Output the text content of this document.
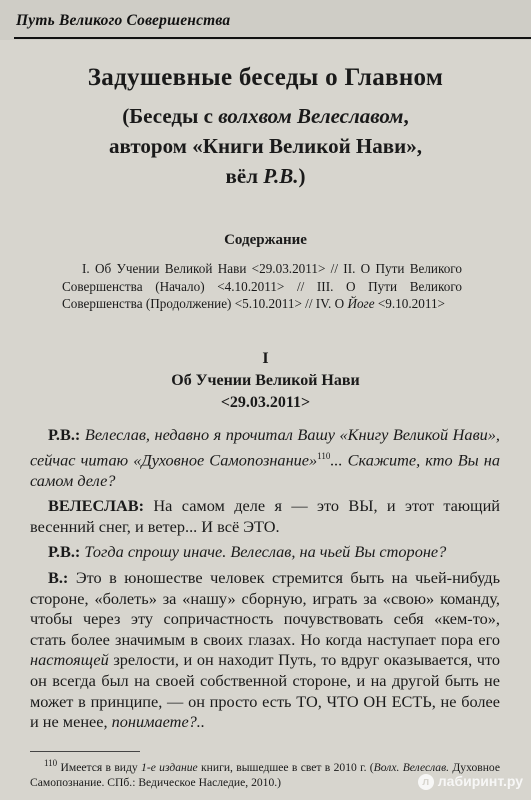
Путь Великого Совершенства
Задушевные беседы о Главном
(Беседы с волхвом Велеславом,
автором «Книги Великой Нави»,
вёл Р.В.)
Содержание
I. Об Учении Великой Нави <29.03.2011> // II. О Пути Великого Совершенства (Начало) <4.10.2011> // III. О Пути Великого Совершенства (Продолжение) <5.10.2011> // IV. О Йоге <9.10.2011>
I
Об Учении Великой Нави
<29.03.2011>

Р.В.: Велеслав, недавно я прочитал Вашу «Книгу Великой Нави», сейчас читаю «Духовное Самопознание»$^{110}$... Скажите, кто Вы на самом деле?

ВЕЛЕСЛАВ: На самом деле я — это ВЫ, и этот тающий весенний снег, и ветер... И всё ЭТО.

Р.В.: Тогда спрошу иначе. Велеслав, на чьей Вы стороне?

В.: Это в юношестве человек стремится быть на чьей-нибудь стороне, «болеть» за «нашу» сборную, играть за «свою» команду, чтобы через эту сопричастность почувствовать себя «кем-то», стать более значимым в своих глазах. Но когда наступает пора его настоящей зрелости, и он находит Путь, то вдруг оказывается, что он всегда был на своей собственной стороне, и на другой быть не может в принципе, — он просто есть ТО, ЧТО ОН ЕСТЬ, не более и не менее, понимаете?..

$^{110}$ Имеется в виду 1-е издание книги, вышедшее в свет в 2010 г. (Волх. Велеслав. Духовное Самопознание. СПб.: Ведическое Наследие, 2010.)	л лабиринт.ру
